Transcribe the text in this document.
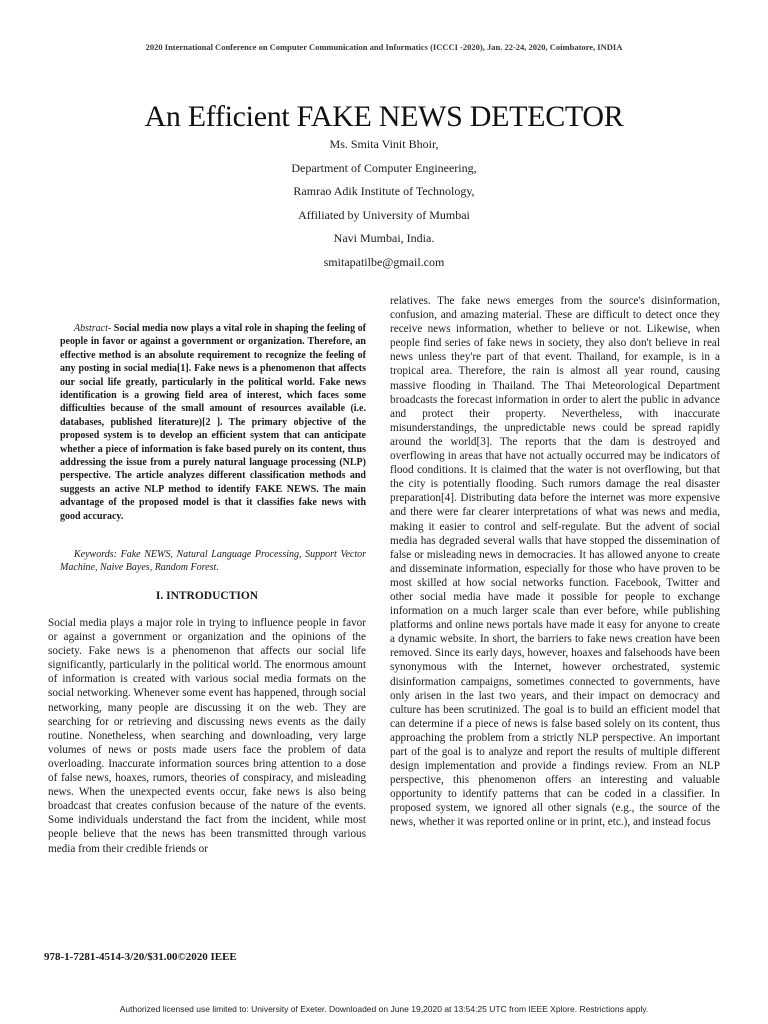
2020 International Conference on Computer Communication and Informatics (ICCCI -2020), Jan. 22-24, 2020, Coimbatore, INDIA
An Efficient FAKE NEWS DETECTOR
Ms. Smita Vinit Bhoir,
Department of Computer Engineering,
Ramrao Adik Institute of Technology,
Affiliated by University of Mumbai
Navi Mumbai, India.
smitapatilbe@gmail.com
Abstract- Social media now plays a vital role in shaping the feeling of people in favor or against a government or organization. Therefore, an effective method is an absolute requirement to recognize the feeling of any posting in social media[1]. Fake news is a phenomenon that affects our social life greatly, particularly in the political world. Fake news identification is a growing field area of interest, which faces some difficulties because of the small amount of resources available (i.e. databases, published literature)[2 ]. The primary objective of the proposed system is to develop an efficient system that can anticipate whether a piece of information is fake based purely on its content, thus addressing the issue from a purely natural language processing (NLP) perspective. The article analyzes different classification methods and suggests an active NLP method to identify FAKE NEWS. The main advantage of the proposed model is that it classifies fake news with good accuracy.
Keywords: Fake NEWS, Natural Language Processing, Support Vector Machine, Naive Bayes, Random Forest.
I. INTRODUCTION
Social media plays a major role in trying to influence people in favor or against a government or organization and the opinions of the society. Fake news is a phenomenon that affects our social life significantly, particularly in the political world. The enormous amount of information is created with various social media formats on the social networking. Whenever some event has happened, through social networking, many people are discussing it on the web. They are searching for or retrieving and discussing news events as the daily routine. Nonetheless, when searching and downloading, very large volumes of news or posts made users face the problem of data overloading. Inaccurate information sources bring attention to a dose of false news, hoaxes, rumors, theories of conspiracy, and misleading news. When the unexpected events occur, fake news is also being broadcast that creates confusion because of the nature of the events. Some individuals understand the fact from the incident, while most people believe that the news has been transmitted through various media from their credible friends or
relatives. The fake news emerges from the source's disinformation, confusion, and amazing material. These are difficult to detect once they receive news information, whether to believe or not. Likewise, when people find series of fake news in society, they also don't believe in real news unless they're part of that event. Thailand, for example, is in a tropical area. Therefore, the rain is almost all year round, causing massive flooding in Thailand. The Thai Meteorological Department broadcasts the forecast information in order to alert the public in advance and protect their property. Nevertheless, with inaccurate misunderstandings, the unpredictable news could be spread rapidly around the world[3]. The reports that the dam is destroyed and overflowing in areas that have not actually occurred may be indicators of flood conditions. It is claimed that the water is not overflowing, but that the city is potentially flooding. Such rumors damage the real disaster preparation[4]. Distributing data before the internet was more expensive and there were far clearer interpretations of what was news and media, making it easier to control and self-regulate. But the advent of social media has degraded several walls that have stopped the dissemination of false or misleading news in democracies. It has allowed anyone to create and disseminate information, especially for those who have proven to be most skilled at how social networks function. Facebook, Twitter and other social media have made it possible for people to exchange information on a much larger scale than ever before, while publishing platforms and online news portals have made it easy for anyone to create a dynamic website. In short, the barriers to fake news creation have been removed. Since its early days, however, hoaxes and falsehoods have been synonymous with the Internet, however orchestrated, systemic disinformation campaigns, sometimes connected to governments, have only arisen in the last two years, and their impact on democracy and culture has been scrutinized. The goal is to build an efficient model that can determine if a piece of news is false based solely on its content, thus approaching the problem from a strictly NLP perspective. An important part of the goal is to analyze and report the results of multiple different design implementation and provide a findings review. From an NLP perspective, this phenomenon offers an interesting and valuable opportunity to identify patterns that can be coded in a classifier. In proposed system, we ignored all other signals (e.g., the source of the news, whether it was reported online or in print, etc.), and instead focus
978-1-7281-4514-3/20/$31.00©2020 IEEE
Authorized licensed use limited to: University of Exeter. Downloaded on June 19,2020 at 13:54:25 UTC from IEEE Xplore. Restrictions apply.
